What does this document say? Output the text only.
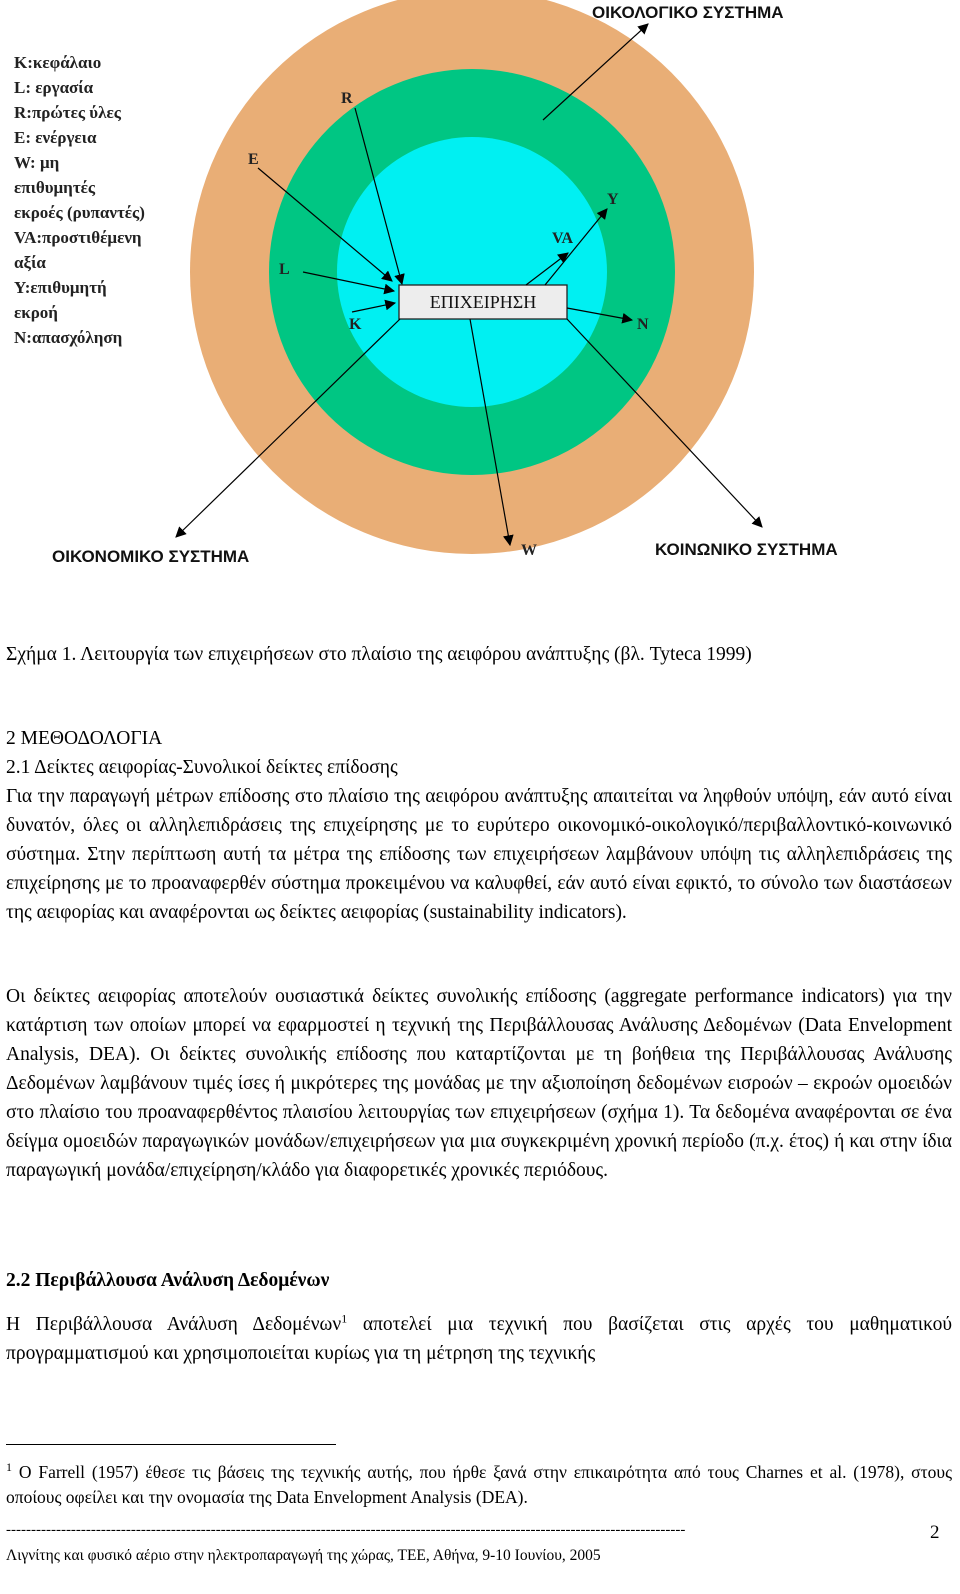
ΕΠΙΧΕΙΡΗΣΗ
R
E
L
K
VA
Y
N
W
ΟΙΚΟΛΟΓΙΚΟ ΣΥΣΤΗΜΑ
ΟΙΚΟΝΟΜΙΚΟ ΣΥΣΤΗΜΑ	ΚΟΙΝΩΝΙΚΟ ΣΥΣΤΗΜΑ
K:κεφάλαιο
L: εργασία
R:πρώτες ύλες
E: ενέργεια
W: μη
επιθυμητές
εκροές (ρυπαντές)
VA:προστιθέμενη
αξία
Y:επιθυμητή
εκροή
N:απασχόληση
Σχήμα 1. Λειτουργία των επιχειρήσεων στο πλαίσιο της αειφόρου ανάπτυξης (βλ. Tyteca 1999)
2 ΜΕΘΟΔΟΛΟΓΙΑ
2.1 Δείκτες αειφορίας-Συνολικοί δείκτες επίδοσης
Για την παραγωγή μέτρων επίδοσης στο πλαίσιο της αειφόρου ανάπτυξης απαιτείται να ληφθούν υπόψη, εάν αυτό είναι δυνατόν, όλες οι αλληλεπιδράσεις της επιχείρησης με το ευρύτερο οικονομικό-οικολογικό/περιβαλλοντικό-κοινωνικό σύστημα. Στην περίπτωση αυτή τα μέτρα της επίδοσης των επιχειρήσεων λαμβάνουν υπόψη τις αλληλεπιδράσεις της επιχείρησης με το προαναφερθέν σύστημα προκειμένου να καλυφθεί, εάν αυτό είναι εφικτό, το σύνολο των διαστάσεων της αειφορίας και αναφέρονται ως δείκτες αειφορίας (sustainability indicators).
Οι δείκτες αειφορίας αποτελούν ουσιαστικά δείκτες συνολικής επίδοσης (aggregate performance indicators) για την κατάρτιση των οποίων μπορεί να εφαρμοστεί η τεχνική της Περιβάλλουσας Ανάλυσης Δεδομένων (Data Envelopment Analysis, DEA). Οι δείκτες συνολικής επίδοσης που καταρτίζονται με τη βοήθεια της Περιβάλλουσας Ανάλυσης Δεδομένων λαμβάνουν τιμές ίσες ή μικρότερες της μονάδας με την αξιοποίηση δεδομένων εισροών – εκροών ομοειδών στο πλαίσιο του προαναφερθέντος πλαισίου λειτουργίας των επιχειρήσεων (σχήμα 1). Τα δεδομένα αναφέρονται σε ένα δείγμα ομοειδών παραγωγικών μονάδων/επιχειρήσεων για μια συγκεκριμένη χρονική περίοδο (π.χ. έτος) ή και στην ίδια παραγωγική μονάδα/επιχείρηση/κλάδο για διαφορετικές χρονικές περιόδους.
2.2 Περιβάλλουσα Ανάλυση Δεδομένων
Η Περιβάλλουσα Ανάλυση Δεδομένων$^1$ αποτελεί μια τεχνική που βασίζεται στις αρχές του μαθηματικού προγραμματισμού και χρησιμοποιείται κυρίως για τη μέτρηση της τεχνικής
$^1$ O Farrell (1957) έθεσε τις βάσεις της τεχνικής αυτής, που ήρθε ξανά στην επικαιρότητα από τους Charnes et al. (1978), στους οποίους οφείλει και την ονομασία της Data Envelopment Analysis (DEA).
----------------------------------------------------------------------------------------------------------------------------------------	2
Λιγνίτης και φυσικό αέριο στην ηλεκτροπαραγωγή της χώρας, ΤΕΕ, Αθήνα, 9-10 Ιουνίου, 2005
